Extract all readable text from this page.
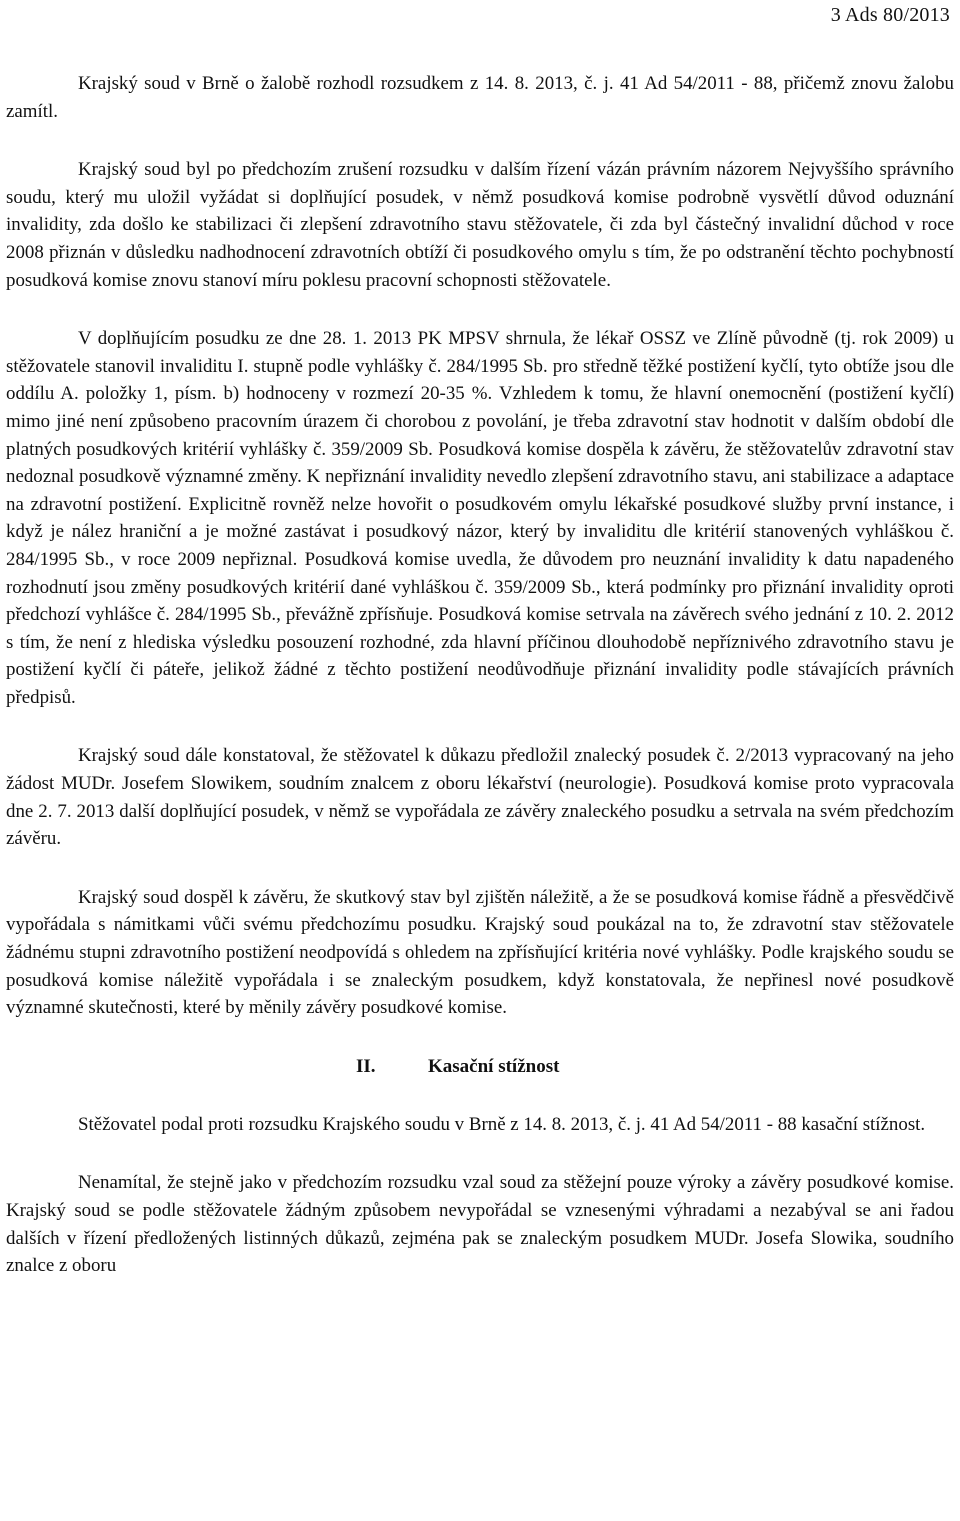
3 Ads 80/2013

Krajský soud v Brně o žalobě rozhodl rozsudkem z 14. 8. 2013, č. j. 41 Ad 54/2011 - 88, přičemž znovu žalobu zamítl.

Krajský soud byl po předchozím zrušení rozsudku v dalším řízení vázán právním názorem Nejvyššího správního soudu, který mu uložil vyžádat si doplňující posudek, v němž posudková komise podrobně vysvětlí důvod oduznání invalidity, zda došlo ke stabilizaci či zlepšení zdravotního stavu stěžovatele, či zda byl částečný invalidní důchod v roce 2008 přiznán v důsledku nadhodnocení zdravotních obtíží či posudkového omylu s tím, že po odstranění těchto pochybností posudková komise znovu stanoví míru poklesu pracovní schopnosti stěžovatele.

V doplňujícím posudku ze dne 28. 1. 2013 PK MPSV shrnula, že lékař OSSZ ve Zlíně původně (tj. rok 2009) u stěžovatele stanovil invaliditu I. stupně podle vyhlášky č. 284/1995 Sb. pro středně těžké postižení kyčlí, tyto obtíže jsou dle oddílu A. položky 1, písm. b) hodnoceny v rozmezí 20-35 %. Vzhledem k tomu, že hlavní onemocnění (postižení kyčlí) mimo jiné není způsobeno pracovním úrazem či chorobou z povolání, je třeba zdravotní stav hodnotit v dalším období dle platných posudkových kritérií vyhlášky č. 359/2009 Sb. Posudková komise dospěla k závěru, že stěžovatelův zdravotní stav nedoznal posudkově významné změny. K nepřiznání invalidity nevedlo zlepšení zdravotního stavu, ani stabilizace a adaptace na zdravotní postižení. Explicitně rovněž nelze hovořit o posudkovém omylu lékařské posudkové služby první instance, i když je nález hraniční a je možné zastávat i posudkový názor, který by invaliditu dle kritérií stanovených vyhláškou č. 284/1995 Sb., v roce 2009 nepřiznal. Posudková komise uvedla, že důvodem pro neuznání invalidity k datu napadeného rozhodnutí jsou změny posudkových kritérií dané vyhláškou č. 359/2009 Sb., která podmínky pro přiznání invalidity oproti předchozí vyhlášce č. 284/1995 Sb., převážně zpřísňuje. Posudková komise setrvala na závěrech svého jednání z 10. 2. 2012 s tím, že není z hlediska výsledku posouzení rozhodné, zda hlavní příčinou dlouhodobě nepříznivého zdravotního stavu je postižení kyčlí či páteře, jelikož žádné z těchto postižení neodůvodňuje přiznání invalidity podle stávajících právních předpisů.

Krajský soud dále konstatoval, že stěžovatel k důkazu předložil znalecký posudek č. 2/2013 vypracovaný na jeho žádost MUDr. Josefem Slowikem, soudním znalcem z oboru lékařství (neurologie). Posudková komise proto vypracovala dne 2. 7. 2013 další doplňující posudek, v němž se vypořádala ze závěry znaleckého posudku a setrvala na svém předchozím závěru.

Krajský soud dospěl k závěru, že skutkový stav byl zjištěn náležitě, a že se posudková komise řádně a přesvědčivě vypořádala s námitkami vůči svému předchozímu posudku. Krajský soud poukázal na to, že zdravotní stav stěžovatele žádnému stupni zdravotního postižení neodpovídá s ohledem na zpřísňující kritéria nové vyhlášky. Podle krajského soudu se posudková komise náležitě vypořádala i se znaleckým posudkem, když konstatovala, že nepřinesl nové posudkově významné skutečnosti, které by měnily závěry posudkové komise.

II.	Kasační stížnost

Stěžovatel podal proti rozsudku Krajského soudu v Brně z 14. 8. 2013, č. j. 41 Ad 54/2011 - 88 kasační stížnost.

Nenamítal, že stejně jako v předchozím rozsudku vzal soud za stěžejní pouze výroky a závěry posudkové komise. Krajský soud se podle stěžovatele žádným způsobem nevypořádal se vznesenými výhradami a nezabýval se ani řadou dalších v řízení předložených listinných důkazů, zejména pak se znaleckým posudkem MUDr. Josefa Slowika, soudního znalce z oboru
